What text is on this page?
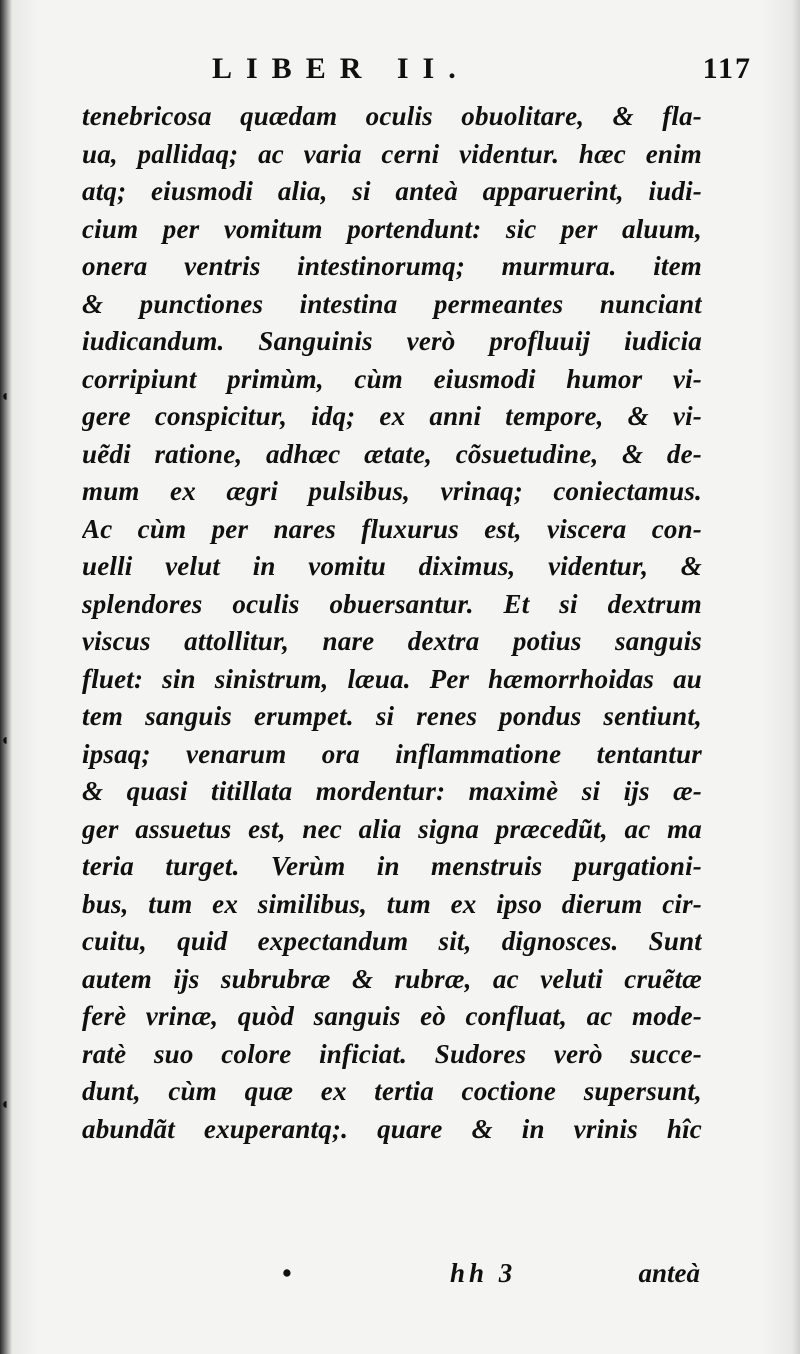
◖
◖
◖
LIBER II.	117
tenebricosa quædam oculis obuolitare, & fla-
ua, pallidaq; ac varia cerni videntur. hæc enim
atq; eiusmodi alia, si anteà apparuerint, iudi-
cium per vomitum portendunt: sic per aluum,
onera ventris intestinorumq; murmura. item
& punctiones intestina permeantes nunciant
iudicandum. Sanguinis verò profluuij iudicia
corripiunt primùm, cùm eiusmodi humor vi-
gere conspicitur, idq; ex anni tempore, & vi-
uẽdi ratione, adhæc ætate, cõsuetudine, & de-
mum ex ægri pulsibus, vrinaq; coniectamus.
Ac cùm per nares fluxurus est, viscera con-
uelli velut in vomitu diximus, videntur, &
splendores oculis obuersantur. Et si dextrum
viscus attollitur, nare dextra potius sanguis
fluet: sin sinistrum, læua. Per hæmorrhoidas au
tem sanguis erumpet. si renes pondus sentiunt,
ipsaq; venarum ora inflammatione tentantur
& quasi titillata mordentur: maximè si ijs æ-
ger assuetus est, nec alia signa præcedũt, ac ma
teria turget. Verùm in menstruis purgationi-
bus, tum ex similibus, tum ex ipso dierum cir-
cuitu, quid expectandum sit, dignosces. Sunt
autem ijs subrubræ & rubræ, ac veluti cruẽtæ
ferè vrinæ, quòd sanguis eò confluat, ac mode-
ratè suo colore inficiat. Sudores verò succe-
dunt, cùm quæ ex tertia coctione supersunt,
abundãt exuperantq;. quare & in vrinis hîc
•	hh 3	anteà
